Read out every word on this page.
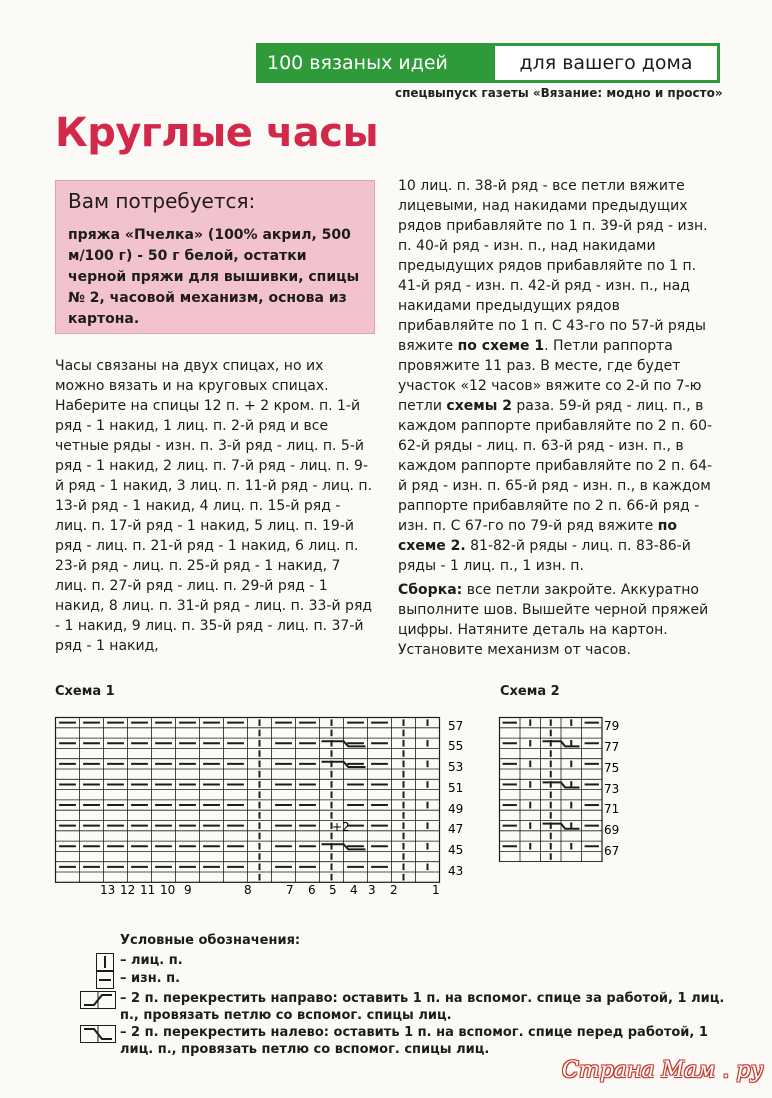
100 вязаных идей	для вашего дома
спецвыпуск газеты «Вязание: модно и просто»
Круглые часы
Вам потребуется:
пряжа «Пчелка» (100% акрил, 500 м/100 г) - 50 г белой, остатки черной пряжи для вышивки, спицы № 2, часовой механизм, основа из картона.

Часы связаны на двух спицах, но их можно вязать и на круговых спицах.

Наберите на спицы 12 п. + 2 кром. п. 1-й ряд - 1 накид, 1 лиц. п. 2-й ряд и все четные ряды - изн. п. 3-й ряд - лиц. п. 5-й ряд - 1 накид, 2 лиц. п. 7-й ряд - лиц. п. 9-й ряд - 1 накид, 3 лиц. п. 11-й ряд - лиц. п. 13-й ряд - 1 накид, 4 лиц. п. 15-й ряд - лиц. п. 17-й ряд - 1 накид, 5 лиц. п. 19-й ряд - лиц. п. 21-й ряд - 1 накид, 6 лиц. п. 23-й ряд - лиц. п. 25-й ряд - 1 накид, 7 лиц. п. 27-й ряд - лиц. п. 29-й ряд - 1 накид, 8 лиц. п. 31-й ряд - лиц. п. 33-й ряд - 1 накид, 9 лиц. п. 35-й ряд - лиц. п. 37-й ряд - 1 накид,

10 лиц. п. 38-й ряд - все петли вяжите лицевыми, над накидами предыдущих рядов прибавляйте по 1 п. 39-й ряд - изн. п. 40-й ряд - изн. п., над накидами предыдущих рядов прибавляйте по 1 п. 41-й ряд - изн. п. 42-й ряд - изн. п., над накидами предыдущих рядов прибавляйте по 1 п. С 43-го по 57-й ряды вяжите по схеме 1. Петли раппорта провяжите 11 раз. В месте, где будет участок «12 часов» вяжите со 2-й по 7-ю петли схемы 2 раза. 59-й ряд - лиц. п., в каждом раппорте прибавляйте по 2 п. 60-62-й ряды - лиц. п. 63-й ряд - изн. п., в каждом раппорте прибавляйте по 2 п. 64-й ряд - изн. п. 65-й ряд - изн. п., в каждом раппорте прибавляйте по 2 п. 66-й ряд - изн. п. С 67-го по 79-й ряд вяжите по схеме 2. 81-82-й ряды - лиц. п. 83-86-й ряды - 1 лиц. п., 1 изн. п.

Сборка: все петли закройте. Аккуратно выполните шов. Вышейте черной пряжей цифры. Натяните деталь на картон. Установите механизм от часов.

Схема 1	Схема 2
57
55
53
51
49
47
45
43
13 12 11 10 9	8	7 6 5 4 3 2	1
+2
79
77
75
73
71
69
67
Условные обозначения:
– лиц. п.
– изн. п.
– 2 п. перекрестить направо: оставить 1 п. на вспомог. спице за работой, 1 лиц. п., провязать петлю со вспомог. спицы лиц.
– 2 п. перекрестить налево: оставить 1 п. на вспомог. спице перед работой, 1 лиц. п., провязать петлю со вспомог. спицы лиц.
Страна Мам . ру
